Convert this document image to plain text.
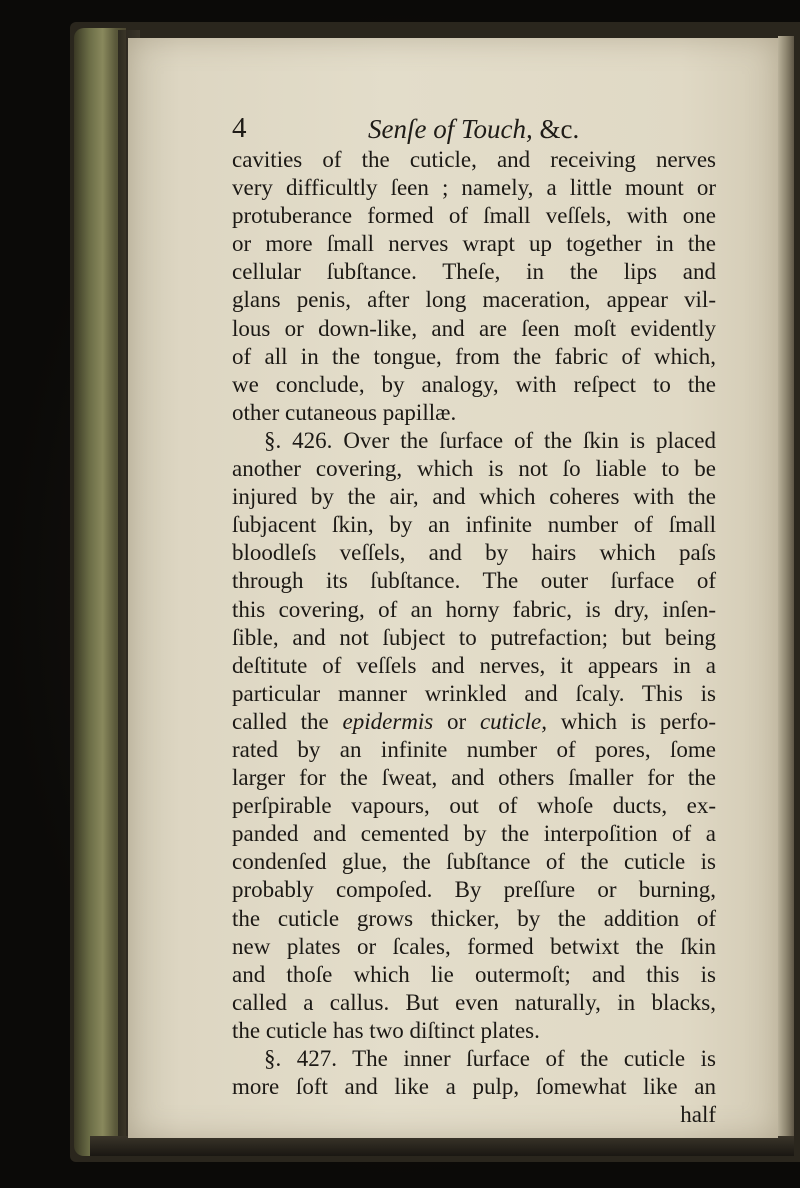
4	Senſe of Touch, &c.
cavities of the cuticle, and receiving nerves
very difficultly ſeen ; namely, a little mount or
protuberance formed of ſmall veſſels, with one
or more ſmall nerves wrapt up together in the
cellular ſubſtance. Theſe, in the lips and
glans penis, after long maceration, appear vil-
lous or down-like, and are ſeen moſt evidently
of all in the tongue, from the fabric of which,
we conclude, by analogy, with reſpect to the
other cutaneous papillæ.
§. 426. Over the ſurface of the ſkin is placed
another covering, which is not ſo liable to be
injured by the air, and which coheres with the
ſubjacent ſkin, by an infinite number of ſmall
bloodleſs veſſels, and by hairs which paſs
through its ſubſtance. The outer ſurface of
this covering, of an horny fabric, is dry, inſen-
ſible, and not ſubject to putrefaction; but being
deſtitute of veſſels and nerves, it appears in a
particular manner wrinkled and ſcaly. This is
called the epidermis or cuticle, which is perfo-
rated by an infinite number of pores, ſome
larger for the ſweat, and others ſmaller for the
perſpirable vapours, out of whoſe ducts, ex-
panded and cemented by the interpoſition of a
condenſed glue, the ſubſtance of the cuticle is
probably compoſed. By preſſure or burning,
the cuticle grows thicker, by the addition of
new plates or ſcales, formed betwixt the ſkin
and thoſe which lie outermoſt; and this is
called a callus. But even naturally, in blacks,
the cuticle has two diſtinct plates.
§. 427. The inner ſurface of the cuticle is
more ſoft and like a pulp, ſomewhat like an
half
